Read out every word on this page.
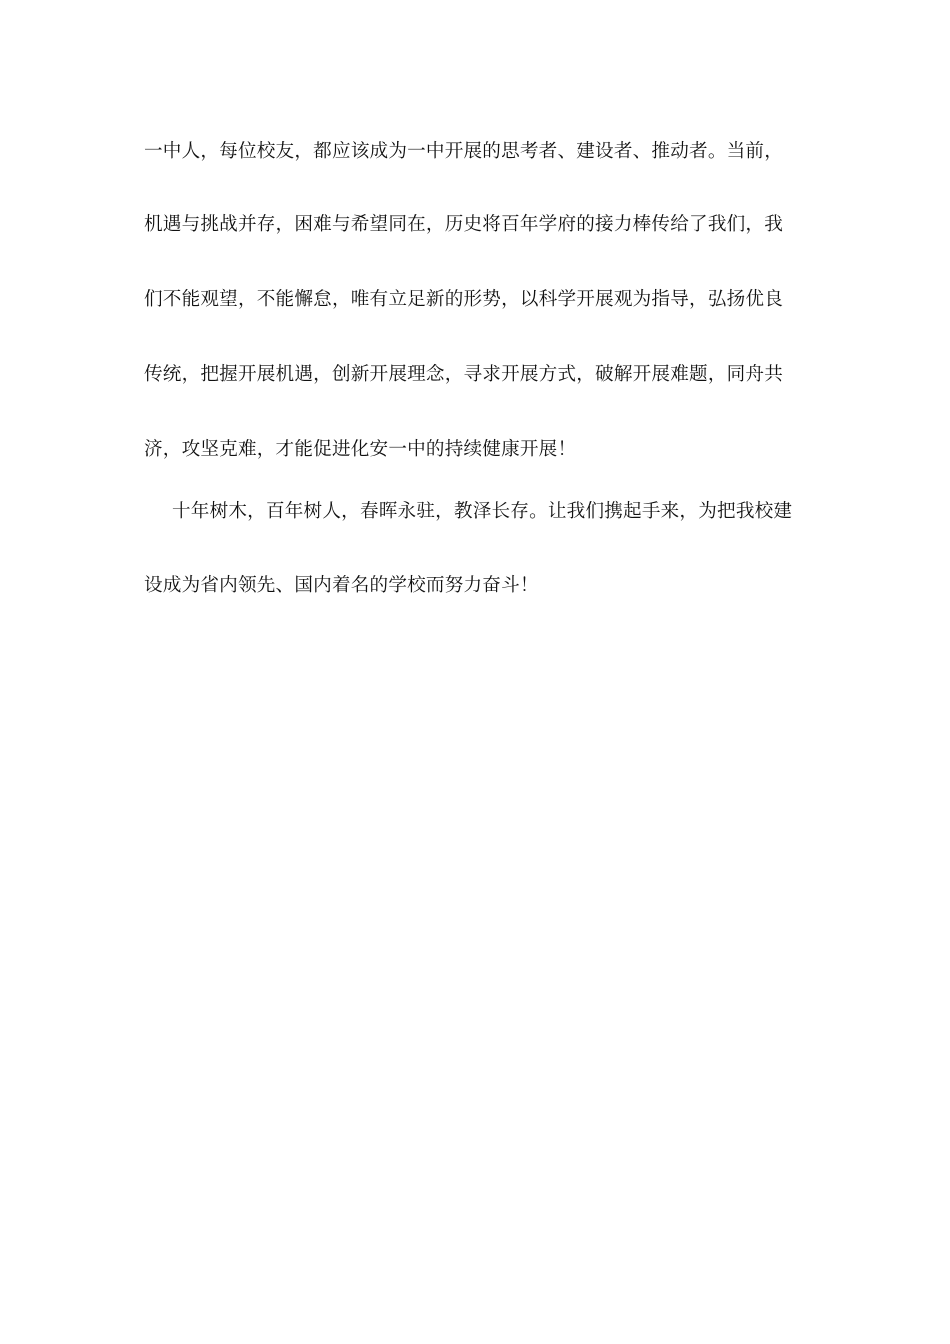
一中人，每位校友，都应该成为一中开展的思考者、建设者、推动者。当前，
机遇与挑战并存，困难与希望同在，历史将百年学府的接力棒传给了我们，我
们不能观望，不能懈怠，唯有立足新的形势，以科学开展观为指导，弘扬优良
传统，把握开展机遇，创新开展理念，寻求开展方式，破解开展难题，同舟共
济，攻坚克难，才能促进化安一中的持续健康开展！
十年树木，百年树人，春晖永驻，教泽长存。让我们携起手来，为把我校建
设成为省内领先、国内着名的学校而努力奋斗！
